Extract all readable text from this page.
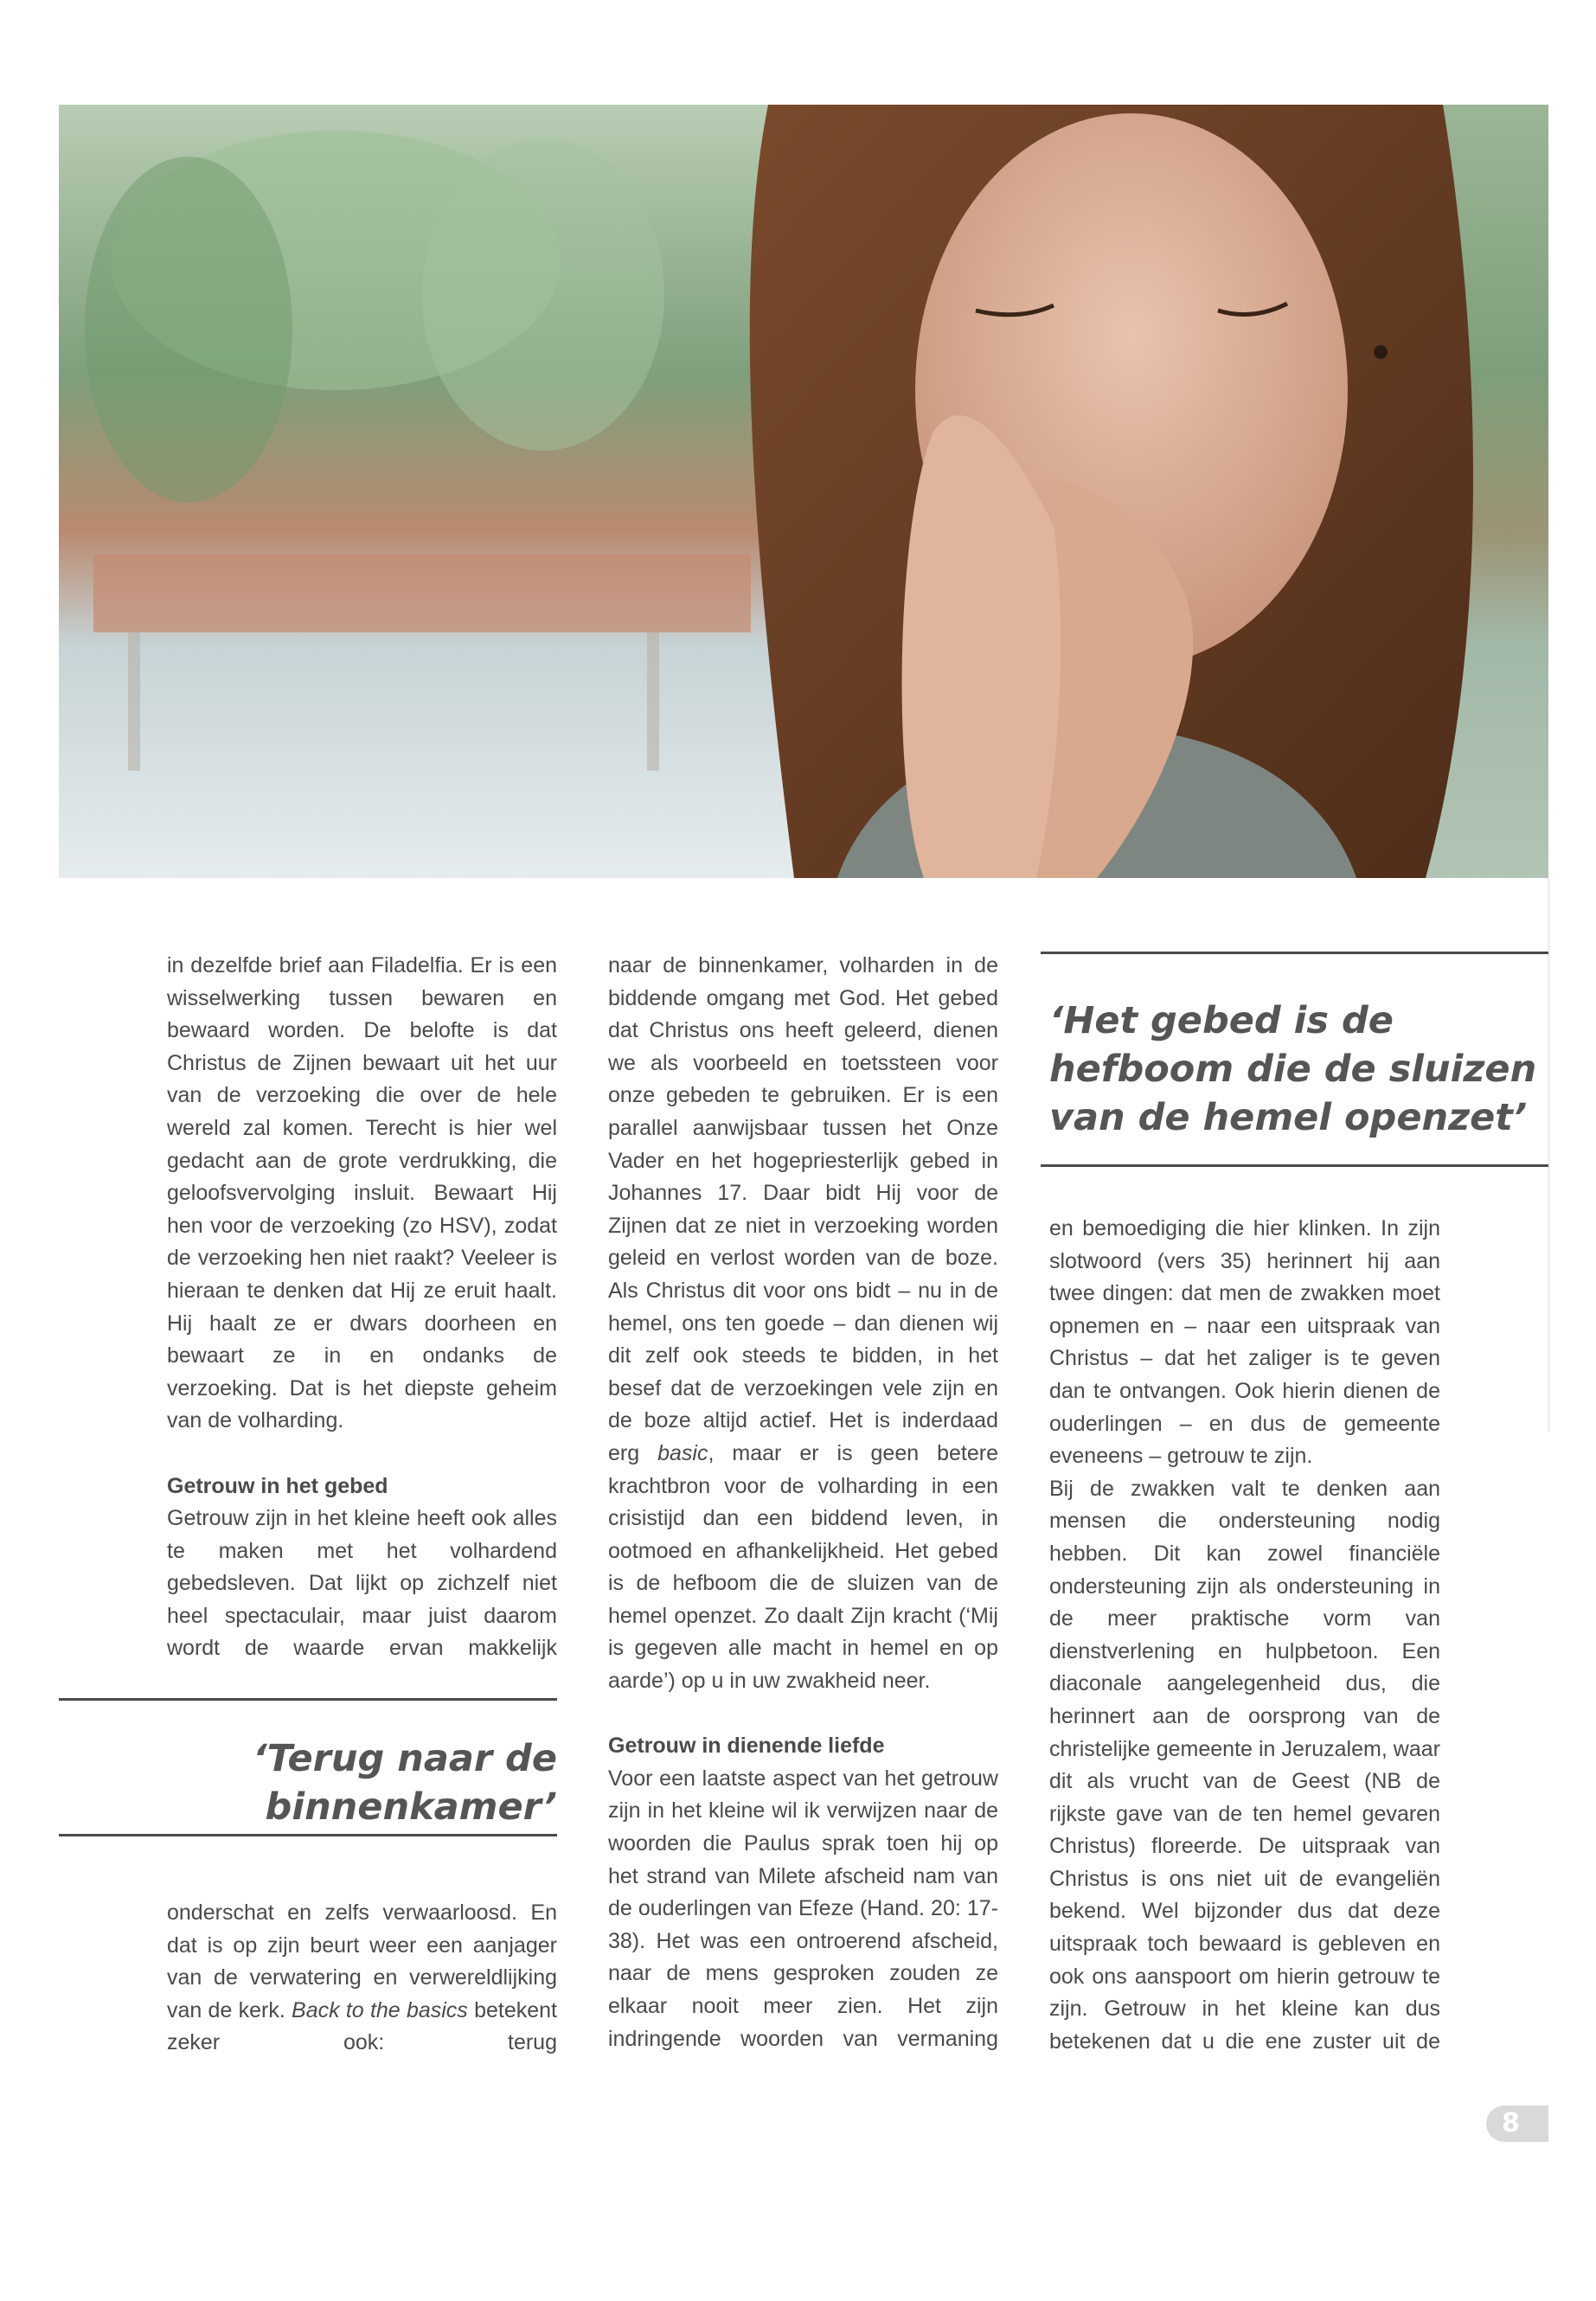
in dezelfde brief aan Filadelfia. Er is een wisselwerking tussen bewaren en bewaard worden. De belofte is dat Christus de Zijnen bewaart uit het uur van de verzoeking die over de hele wereld zal komen. Terecht is hier wel gedacht aan de grote verdrukking, die geloofsvervolging insluit. Bewaart Hij hen voor de verzoeking (zo HSV), zodat de verzoeking hen niet raakt? Veeleer is hieraan te denken dat Hij ze eruit haalt. Hij haalt ze er dwars doorheen en bewaart ze in en ondanks de verzoeking. Dat is het diepste geheim van de volharding.

Getrouw in het gebed

Getrouw zijn in het kleine heeft ook alles te maken met het volhardend gebedsleven. Dat lijkt op zichzelf niet heel spectaculair, maar juist daarom wordt de waarde ervan makkelijk

‘Terug naar de binnenkamer’

onderschat en zelfs verwaarloosd. En dat is op zijn beurt weer een aanjager van de verwatering en verwereldlijking van de kerk. Back to the basics betekent zeker ook: terug

naar de binnenkamer, volharden in de biddende omgang met God. Het gebed dat Christus ons heeft geleerd, dienen we als voorbeeld en toetssteen voor onze gebeden te gebruiken. Er is een parallel aanwijsbaar tussen het Onze Vader en het hogepriesterlijk gebed in Johannes 17. Daar bidt Hij voor de Zijnen dat ze niet in verzoeking worden geleid en verlost worden van de boze. Als Christus dit voor ons bidt – nu in de hemel, ons ten goede – dan dienen wij dit zelf ook steeds te bidden, in het besef dat de verzoekingen vele zijn en de boze altijd actief. Het is inderdaad erg basic, maar er is geen betere krachtbron voor de volharding in een crisistijd dan een biddend leven, in ootmoed en afhankelijkheid. Het gebed is de hefboom die de sluizen van de hemel openzet. Zo daalt Zijn kracht (‘Mij is gegeven alle macht in hemel en op aarde’) op u in uw zwakheid neer.

Getrouw in dienende liefde

Voor een laatste aspect van het getrouw zijn in het kleine wil ik verwijzen naar de woorden die Paulus sprak toen hij op het strand van Milete afscheid nam van de ouderlingen van Efeze (Hand. 20: 17-38). Het was een ontroerend afscheid, naar de mens gesproken zouden ze elkaar nooit meer zien. Het zijn indringende woorden van vermaning

‘Het gebed is de hefboom die de sluizen van de hemel openzet’

en bemoediging die hier klinken. In zijn slotwoord (vers 35) herinnert hij aan twee dingen: dat men de zwakken moet opnemen en – naar een uitspraak van Christus – dat het zaliger is te geven dan te ontvangen. Ook hierin dienen de ouderlingen – en dus de gemeente eveneens – getrouw te zijn.

Bij de zwakken valt te denken aan mensen die ondersteuning nodig hebben. Dit kan zowel financiële ondersteuning zijn als ondersteuning in de meer praktische vorm van dienstverlening en hulpbetoon. Een diaconale aangelegenheid dus, die herinnert aan de oorsprong van de christelijke gemeente in Jeruzalem, waar dit als vrucht van de Geest (NB de rijkste gave van de ten hemel gevaren Christus) floreerde. De uitspraak van Christus is ons niet uit de evangeliën bekend. Wel bijzonder dus dat deze uitspraak toch bewaard is gebleven en ook ons aanspoort om hierin getrouw te zijn. Getrouw in het kleine kan dus betekenen dat u die ene zuster uit de

8
